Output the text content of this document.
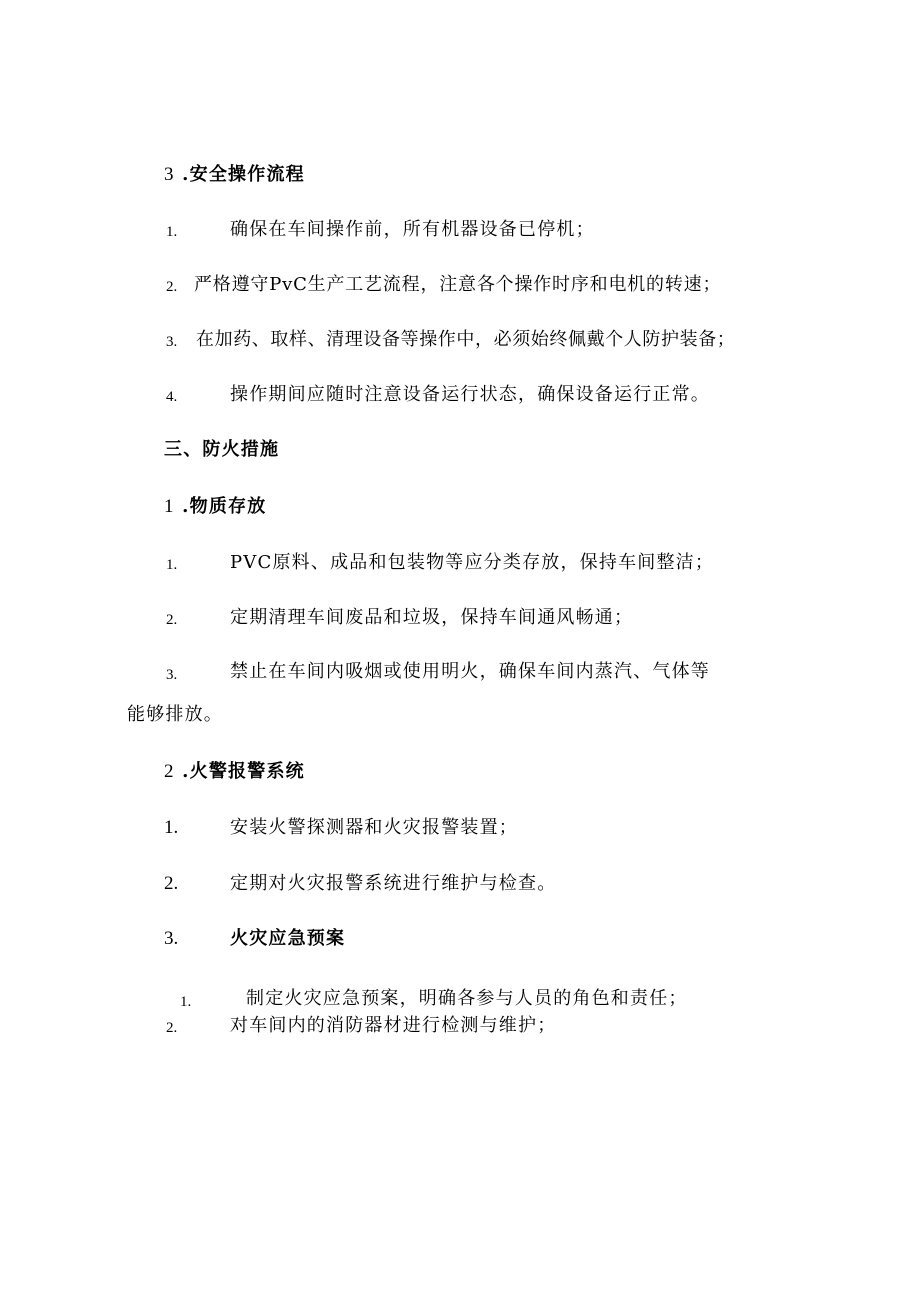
3 .安全操作流程
1.	确保在车间操作前，所有机器设备已停机；
2. 严格遵守PvC生产工艺流程，注意各个操作时序和电机的转速；
3. 在加药、取样、清理设备等操作中，必须始终佩戴个人防护装备；
4.	操作期间应随时注意设备运行状态，确保设备运行正常。
三、防火措施
1 .物质存放
1.	PVC原料、成品和包装物等应分类存放，保持车间整洁；
2.	定期清理车间废品和垃圾，保持车间通风畅通；
3.	禁止在车间内吸烟或使用明火，确保车间内蒸汽、气体等
能够排放。
2 .火警报警系统
1.	安装火警探测器和火灾报警装置；
2.	定期对火灾报警系统进行维护与检查。
3.	火灾应急预案
1.	制定火灾应急预案，明确各参与人员的角色和责任；
2.	对车间内的消防器材进行检测与维护；
